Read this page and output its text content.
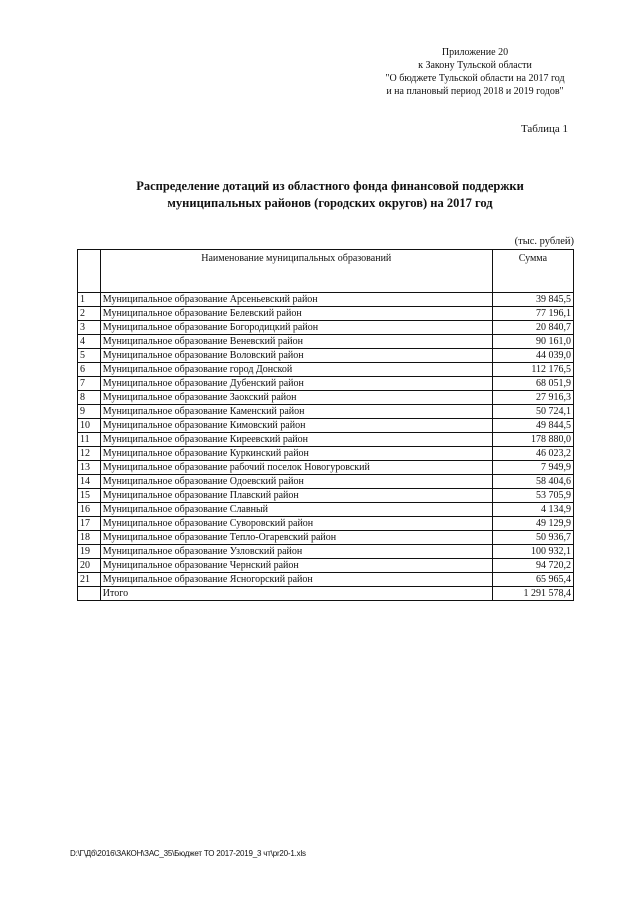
Приложение 20
к Закону Тульской области
"О бюджете Тульской области на 2017 год
и на плановый период 2018 и 2019 годов"
Таблица 1
Распределение дотаций из областного фонда финансовой поддержки
муниципальных районов (городских округов) на 2017 год
(тыс. рублей)
	Наименование муниципальных образований	Сумма
1	Муниципальное образование Арсеньевский район	39 845,5
2	Муниципальное образование Белевский район	77 196,1
3	Муниципальное образование Богородицкий район	20 840,7
4	Муниципальное образование Веневский район	90 161,0
5	Муниципальное образование Воловский район	44 039,0
6	Муниципальное образование город Донской	112 176,5
7	Муниципальное образование Дубенский район	68 051,9
8	Муниципальное образование Заокский район	27 916,3
9	Муниципальное образование Каменский район	50 724,1
10	Муниципальное образование Кимовский район	49 844,5
11	Муниципальное образование Киреевский район	178 880,0
12	Муниципальное образование Куркинский район	46 023,2
13	Муниципальное образование рабочий поселок Новогуровский	7 949,9
14	Муниципальное образование Одоевский район	58 404,6
15	Муниципальное образование Плавский район	53 705,9
16	Муниципальное образование Славный	4 134,9
17	Муниципальное образование Суворовский район	49 129,9
18	Муниципальное образование Тепло-Огаревский район	50 936,7
19	Муниципальное образование Узловский район	100 932,1
20	Муниципальное образование Чернский район	94 720,2
21	Муниципальное образование Ясногорский район	65 965,4
	Итого	1 291 578,4
D:\Г\Дб\2016\ЗАКОН\ЗАС_35\Бюджет ТО 2017-2019_3 чт\pr20-1.xls
